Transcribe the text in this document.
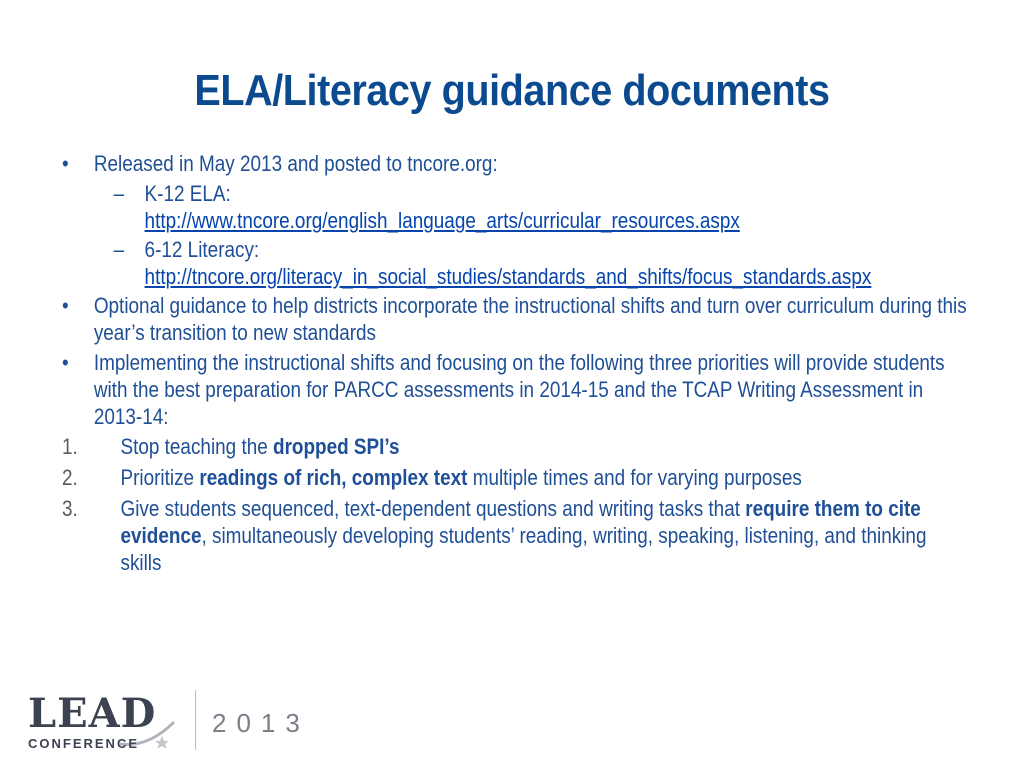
ELA/Literacy guidance documents
•	Released in May 2013 and posted to tncore.org:
– K-12 ELA:
http://www.tncore.org/english_language_arts/curricular_resources.aspx
– 6-12 Literacy:
http://tncore.org/literacy_in_social_studies/standards_and_shifts/focus_standards.aspx
•	Optional guidance to help districts incorporate the instructional shifts and turn over curriculum during this year’s transition to new standards
•	Implementing the instructional shifts and focusing on the following three priorities will provide students with the best preparation for PARCC assessments in 2014-15 and the TCAP Writing Assessment in 2013-14:
1. Stop teaching the dropped SPI’s
2. Prioritize readings of rich, complex text multiple times and for varying purposes
3. Give students sequenced, text-dependent questions and writing tasks that require them to cite evidence, simultaneously developing students’ reading, writing, speaking, listening, and thinking skills
LEAD
CONFERENCE
2013
